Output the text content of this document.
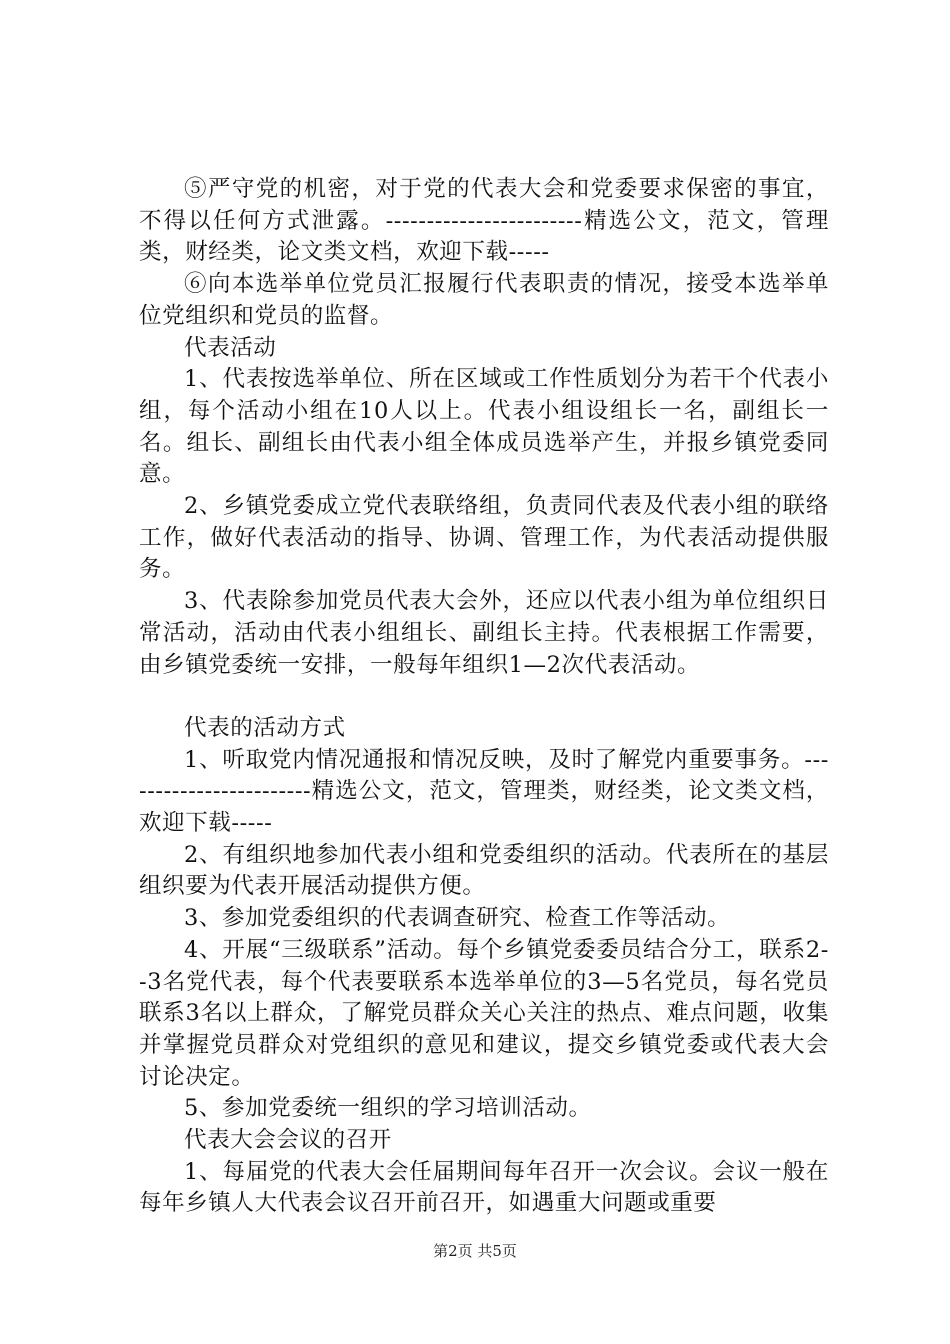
⑤严守党的机密，对于党的代表大会和党委要求保密的事宜，不得以任何方式泄露。------------------------精选公文，范文，管理类，财经类，论文类文档，欢迎下载-----

⑥向本选举单位党员汇报履行代表职责的情况，接受本选举单位党组织和党员的监督。

代表活动

1、代表按选举单位、所在区域或工作性质划分为若干个代表小组，每个活动小组在10人以上。代表小组设组长一名，副组长一名。组长、副组长由代表小组全体成员选举产生，并报乡镇党委同意。

2、乡镇党委成立党代表联络组，负责同代表及代表小组的联络工作，做好代表活动的指导、协调、管理工作，为代表活动提供服务。

3、代表除参加党员代表大会外，还应以代表小组为单位组织日常活动，活动由代表小组组长、副组长主持。代表根据工作需要，由乡镇党委统一安排，一般每年组织1—2次代表活动。

代表的活动方式

1、听取党内情况通报和情况反映，及时了解党内重要事务。------------------------精选公文，范文，管理类，财经类，论文类文档，欢迎下载-----

2、有组织地参加代表小组和党委组织的活动。代表所在的基层组织要为代表开展活动提供方便。

3、参加党委组织的代表调查研究、检查工作等活动。

4、开展“三级联系”活动。每个乡镇党委委员结合分工，联系2--3名党代表，每个代表要联系本选举单位的3—5名党员，每名党员联系3名以上群众，了解党员群众关心关注的热点、难点问题，收集并掌握党员群众对党组织的意见和建议，提交乡镇党委或代表大会讨论决定。

5、参加党委统一组织的学习培训活动。

代表大会会议的召开

1、每届党的代表大会任届期间每年召开一次会议。会议一般在每年乡镇人大代表会议召开前召开，如遇重大问题或重要

第2页 共5页
